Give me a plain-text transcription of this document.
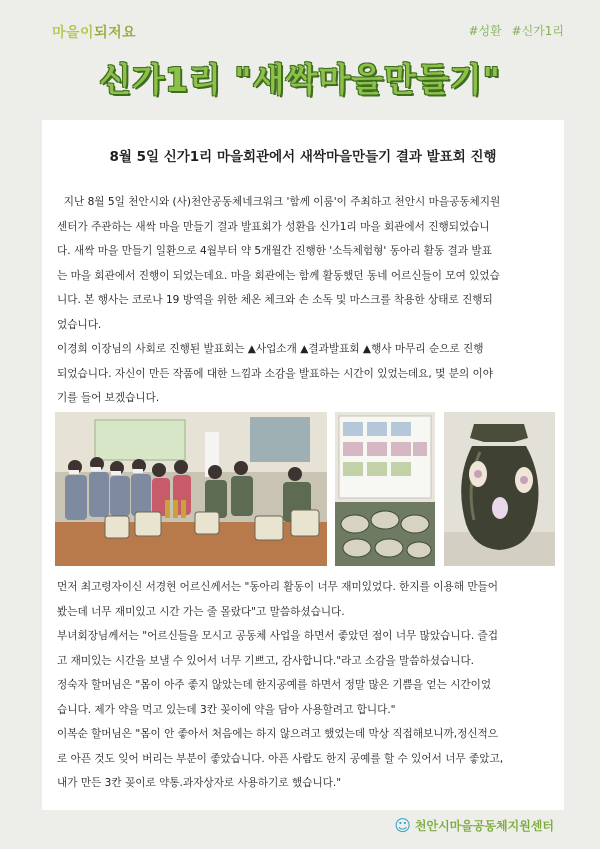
마을이되저요	#성환 #신가1리
신가1리 "새싹마을만들기"
8월 5일 신가1리 마을회관에서 새싹마을만들기 결과 발표회 진행
지난 8월 5일 천안시와 (사)천안공동체네크워크 '함께 이룸'이 주최하고 천안시 마을공동체지원
센터가 주관하는 새싹 마을 만들기 결과 발표회가 성환읍 신가1리 마을 회관에서 진행되었습니
다. 새싹 마을 만들기 일환으로 4월부터 약 5개월간 진행한 '소득체험형' 동아리 활동 결과 발표
는 마을 회관에서 진행이 되었는데요. 마을 회관에는 함께 활동했던 동네 어르신들이 모여 있었습
니다. 본 행사는 코로나 19 방역을 위한 체온 체크와 손 소독 및 마스크를 착용한 상태로 진행되
었습니다.
이경희 이장님의 사회로 진행된 발표회는 ▲사업소개 ▲결과발표회 ▲행사 마무리 순으로 진행
되었습니다. 자신이 만든 작품에 대한 느낌과 소감을 발표하는 시간이 있었는데요, 몇 분의 이야
기를 들어 보겠습니다.
먼저 최고령자이신 서경현 어르신께서는 "동아리 활동이 너무 재미있었다. 한지를 이용해 만들어
봤는데 너무 재미있고 시간 가는 줄 몰랐다"고 말씀하셨습니다.
부녀회장님께서는 "어르신들을 모시고 공동체 사업을 하면서 좋았던 점이 너무 많았습니다. 즐겁
고 재미있는 시간을 보낼 수 있어서 너무 기쁘고, 감사합니다."라고 소감을 말씀하셨습니다.
정숙자 할머님은 "몸이 아주 좋지 않았는데 한지공예를 하면서 정말 많은 기쁨을 얻는 시간이었
습니다. 제가 약을 먹고 있는데 3칸 꽂이에 약을 담아 사용할려고 합니다."
이복순 할머님은 "몸이 안 좋아서 처음에는 하지 않으려고 했었는데 막상 직접해보니까,정신적으
로 아픈 것도 잊어 버리는 부분이 좋았습니다. 아픈 사람도 한지 공예를 할 수 있어서 너무 좋았고,
내가 만든 3칸 꽂이로 약통.과자상자로 사용하기로 했습니다."
☺ 천안시마을공동체지원센터
